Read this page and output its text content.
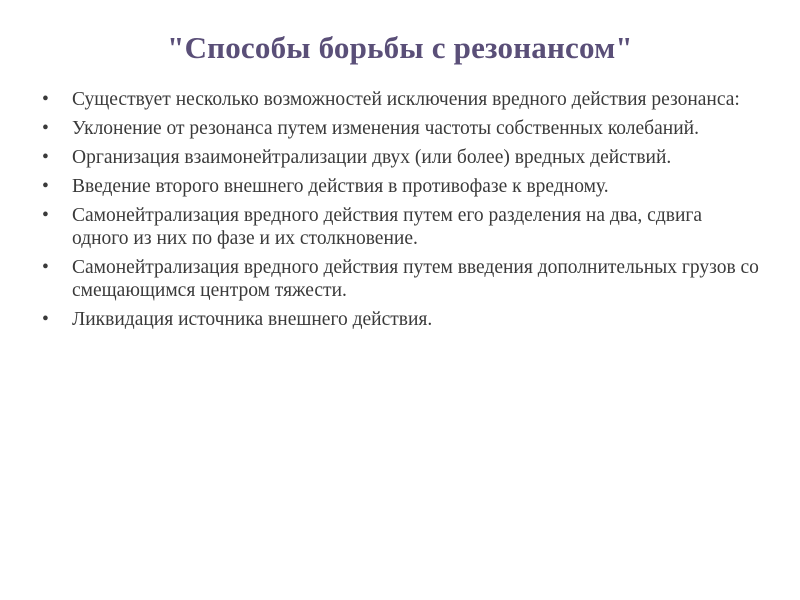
"Способы борьбы с резонансом"
•	Существует несколько возможностей исключения вредного действия резонанса:
•	Уклонение от резонанса путем изменения частоты собственных колебаний.
•	Организация взаимонейтрализации двух (или более) вредных действий.
•	Введение второго внешнего действия в противофазе к вредному.
•	Самонейтрализация вредного действия путем его разделения на два, сдвига одного из них по фазе и их столкновение.
•	Самонейтрализация вредного действия путем введения дополнительных грузов со смещающимся центром тяжести.
•	Ликвидация источника внешнего действия.
